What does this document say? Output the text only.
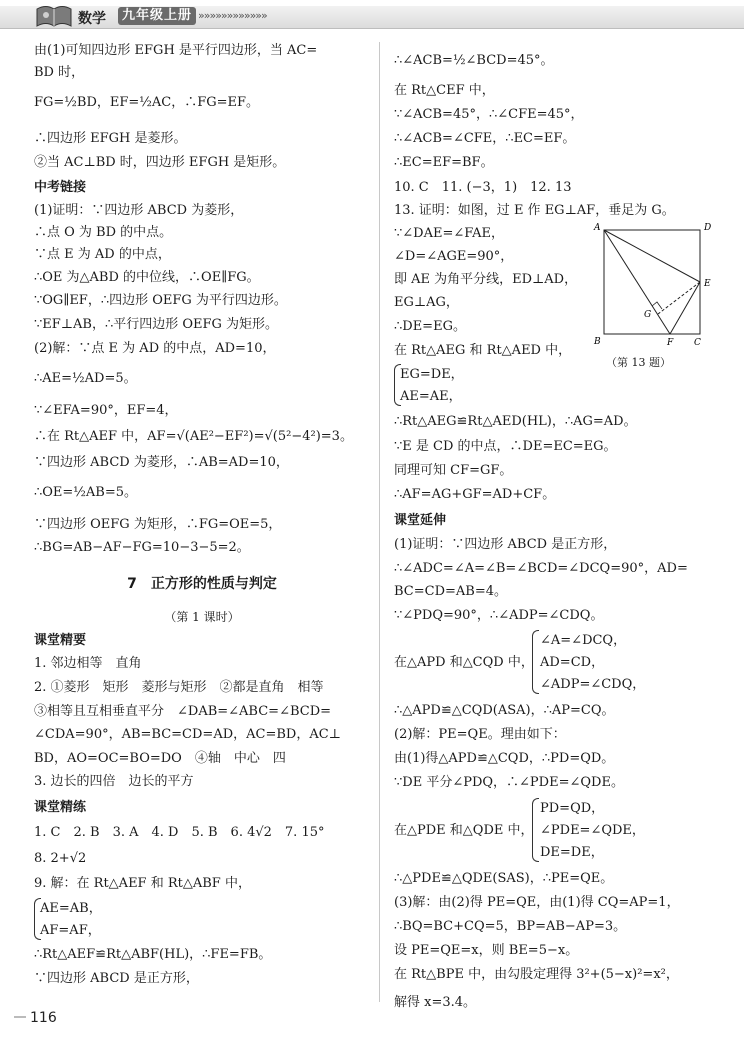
数学	九年级上册 »»»»»»»»»»»»
由(1)可知四边形 EFGH 是平行四边形，当 AC=
BD 时，
FG=½BD，EF=½AC，∴FG=EF。
∴四边形 EFGH 是菱形。
②当 AC⊥BD 时，四边形 EFGH 是矩形。
中考链接
(1)证明：∵四边形 ABCD 为菱形，
∴点 O 为 BD 的中点。
∵点 E 为 AD 的中点，
∴OE 为△ABD 的中位线，∴OE∥FG。
∵OG∥EF，∴四边形 OEFG 为平行四边形。
∵EF⊥AB，∴平行四边形 OEFG 为矩形。
(2)解：∵点 E 为 AD 的中点，AD=10，
∴AE=½AD=5。
∵∠EFA=90°，EF=4，
∴在 Rt△AEF 中，AF=√(AE²−EF²)=√(5²−4²)=3。
∵四边形 ABCD 为菱形，∴AB=AD=10，
∴OE=½AB=5。
∵四边形 OEFG 为矩形，∴FG=OE=5，
∴BG=AB−AF−FG=10−3−5=2。
7　正方形的性质与判定
（第 1 课时）
课堂精要
1. 邻边相等　直角
2. ①菱形　矩形　菱形与矩形　②都是直角　相等
③相等且互相垂直平分　∠DAB=∠ABC=∠BCD=
∠CDA=90°，AB=BC=CD=AD，AC=BD，AC⊥
BD，AO=OC=BO=DO　④轴　中心　四
3. 边长的四倍　边长的平方
课堂精练
1. C　2. B　3. A　4. D　5. B　6. 4√2　7. 15°
8. 2+√2
9. 解：在 Rt△AEF 和 Rt△ABF 中，
AE=AB，
AF=AF，
∴Rt△AEF≌Rt△ABF(HL)，∴FE=FB。
∵四边形 ABCD 是正方形，
∴∠ACB=½∠BCD=45°。
在 Rt△CEF 中，
∵∠ACB=45°，∴∠CFE=45°，
∴∠ACB=∠CFE，∴EC=EF。
∴EC=EF=BF。
10. C　11. (−3，1)　12. 13
13. 证明：如图，过 E 作 EG⊥AF，垂足为 G。
∵∠DAE=∠FAE，
∠D=∠AGE=90°，
即 AE 为角平分线，ED⊥AD，
EG⊥AG，
∴DE=EG。
在 Rt△AEG 和 Rt△AED 中，
EG=DE，
AE=AE，
∴Rt△AEG≌Rt△AED(HL)，∴AG=AD。
∵E 是 CD 的中点，∴DE=EC=EG。
同理可知 CF=GF。
∴AF=AG+GF=AD+CF。
课堂延伸
(1)证明：∵四边形 ABCD 是正方形，
∴∠ADC=∠A=∠B=∠BCD=∠DCQ=90°，AD=
BC=CD=AB=4。
∵∠PDQ=90°，∴∠ADP=∠CDQ。
∠A=∠DCQ，
在△APD 和△CQD 中， AD=CD，
∠ADP=∠CDQ，
∴△APD≌△CQD(ASA)，∴AP=CQ。
(2)解：PE=QE。理由如下：
由(1)得△APD≌△CQD，∴PD=QD。
∵DE 平分∠PDQ，∴∠PDE=∠QDE。
PD=QD，
在△PDE 和△QDE 中， ∠PDE=∠QDE，
DE=DE，
∴△PDE≌△QDE(SAS)，∴PE=QE。
(3)解：由(2)得 PE=QE，由(1)得 CQ=AP=1，
∴BQ=BC+CQ=5，BP=AB−AP=3。
设 PE=QE=x，则 BE=5−x。
在 Rt△BPE 中，由勾股定理得 3²+(5−x)²=x²，
解得 x=3.4。
A	D
E
G
B	F C
（第 13 题）
116
